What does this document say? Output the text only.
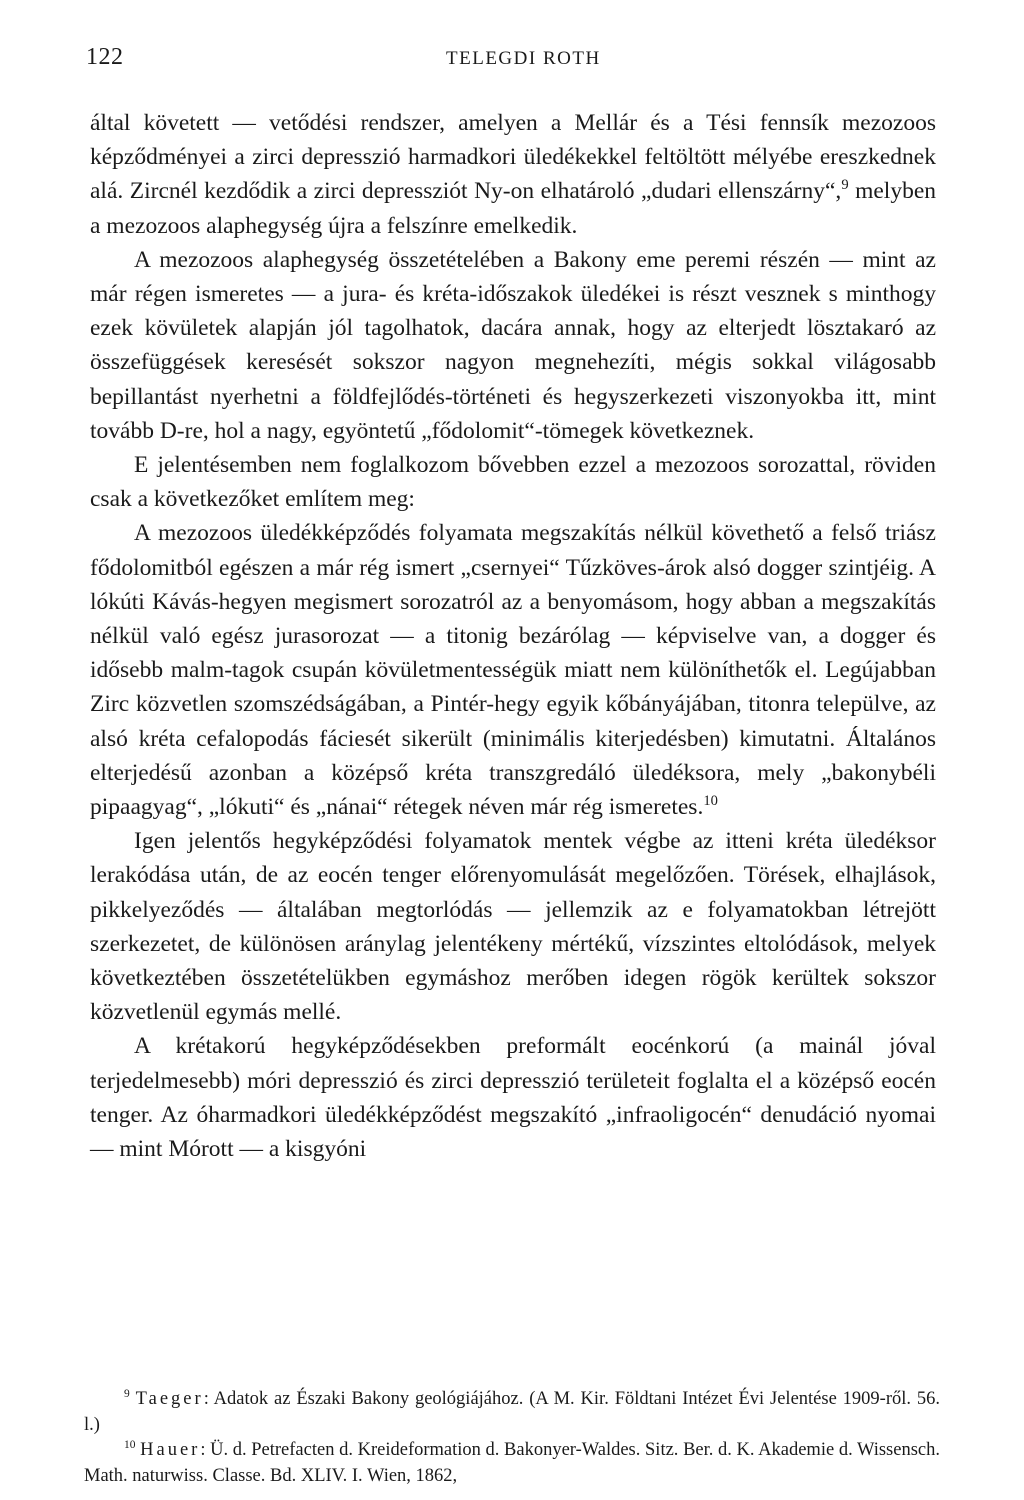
122	TELEGDI ROTH

által követett — vetődési rendszer, amelyen a Mellár és a Tési fennsík mezozoos képződményei a zirci depresszió harmadkori üledékekkel feltöltött mélyébe ereszkednek alá. Zircnél kezdődik a zirci depressziót Ny-on elhatároló „dudari ellenszárny“,$^9$ melyben a mezozoos alaphegység újra a felszínre emelkedik.

A mezozoos alaphegység összetételében a Bakony eme peremi részén — mint az már régen ismeretes — a jura- és kréta-időszakok üledékei is részt vesznek s minthogy ezek kövületek alapján jól tagolhatok, dacára annak, hogy az elterjedt lösztakaró az összefüggések keresését sokszor nagyon megnehezíti, mégis sokkal világosabb bepillantást nyerhetni a földfejlődés-történeti és hegyszerkezeti viszonyokba itt, mint tovább D-re, hol a nagy, egyöntetű „fődolomit“-tömegek következnek.

E jelentésemben nem foglalkozom bővebben ezzel a mezozoos sorozattal, röviden csak a következőket említem meg:

A mezozoos üledékképződés folyamata megszakítás nélkül követhető a felső triász fődolomitból egészen a már rég ismert „csernyei“ Tűzköves-árok alsó dogger szintjéig. A lókúti Kávás-hegyen megismert sorozatról az a benyomásom, hogy abban a megszakítás nélkül való egész jurasorozat — a titonig bezárólag — képviselve van, a dogger és idősebb malm-tagok csupán kövületmentességük miatt nem különíthetők el. Legújabban Zirc közvetlen szomszédságában, a Pintér-hegy egyik kőbányájában, titonra települve, az alsó kréta cefalopodás fáciesét sikerült (minimális kiterjedésben) kimutatni. Általános elterjedésű azonban a középső kréta transzgredáló üledéksora, mely „bakonybéli pipaagyag“, „lókuti“ és „nánai“ rétegek néven már rég ismeretes.$^{10}$

Igen jelentős hegyképződési folyamatok mentek végbe az itteni kréta üledéksor lerakódása után, de az eocén tenger előrenyomulását megelőzően. Törések, elhajlások, pikkelyeződés — általában megtorlódás — jellemzik az e folyamatokban létrejött szerkezetet, de különösen aránylag jelentékeny mértékű, vízszintes eltolódások, melyek következtében összetételükben egymáshoz merőben idegen rögök kerültek sokszor közvetlenül egymás mellé.

A krétakorú hegyképződésekben preformált eocénkorú (a mainál jóval terjedelmesebb) móri depresszió és zirci depresszió területeit foglalta el a középső eocén tenger. Az óharmadkori üledékképződést megszakító „infraoligocén“ denudáció nyomai — mint Mórott — a kisgyóni

$^9$ Taeger: Adatok az Északi Bakony geológiájához. (A M. Kir. Földtani Intézet Évi Jelentése 1909-ről. 56. l.)

$^{10}$ Hauer: Ü. d. Petrefacten d. Kreideformation d. Bakonyer-Waldes. Sitz. Ber. d. K. Akademie d. Wissensch. Math. naturwiss. Classe. Bd. XLIV. I. Wien, 1862,
